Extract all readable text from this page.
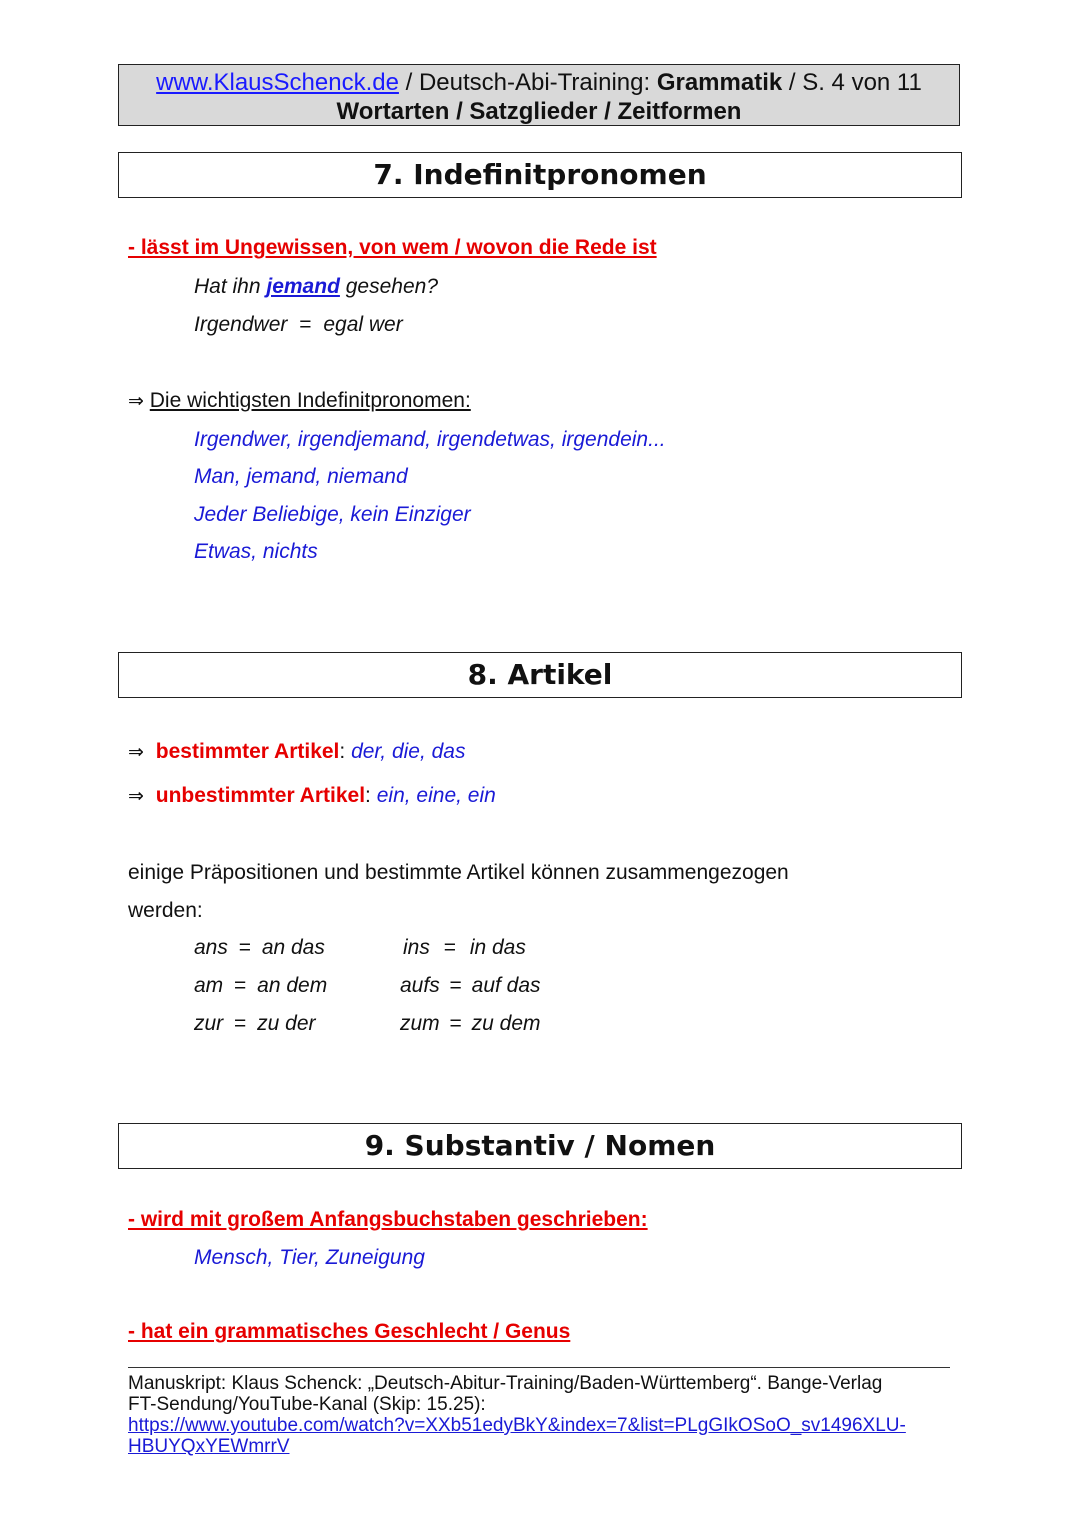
www.KlausSchenck.de / Deutsch-Abi-Training: Grammatik / S. 4 von 11
Wortarten / Satzglieder / Zeitformen
7. Indefinitpronomen
- lässt im Ungewissen, von wem / wovon die Rede ist
Hat ihn jemand gesehen?
Irgendwer = egal wer
⇒ Die wichtigsten Indefinitpronomen:
Irgendwer, irgendjemand, irgendetwas, irgendein...
Man, jemand, niemand
Jeder Beliebige, kein Einziger
Etwas, nichts
8. Artikel
⇒ bestimmter Artikel: der, die, das
⇒ unbestimmter Artikel: ein, eine, ein
einige Präpositionen und bestimmte Artikel können zusammengezogen
werden:
ans = an das	ins = in das
am = an dem	aufs = auf das
zur = zu der	zum = zu dem
9. Substantiv / Nomen
- wird mit großem Anfangsbuchstaben geschrieben:
Mensch, Tier, Zuneigung
- hat ein grammatisches Geschlecht / Genus
Manuskript: Klaus Schenck: „Deutsch-Abitur-Training/Baden-Württemberg“. Bange-Verlag
FT-Sendung/YouTube-Kanal (Skip: 15.25):
https://www.youtube.com/watch?v=XXb51edyBkY&index=7&list=PLgGIkOSoO_sv1496XLU-
HBUYQxYEWmrrV
